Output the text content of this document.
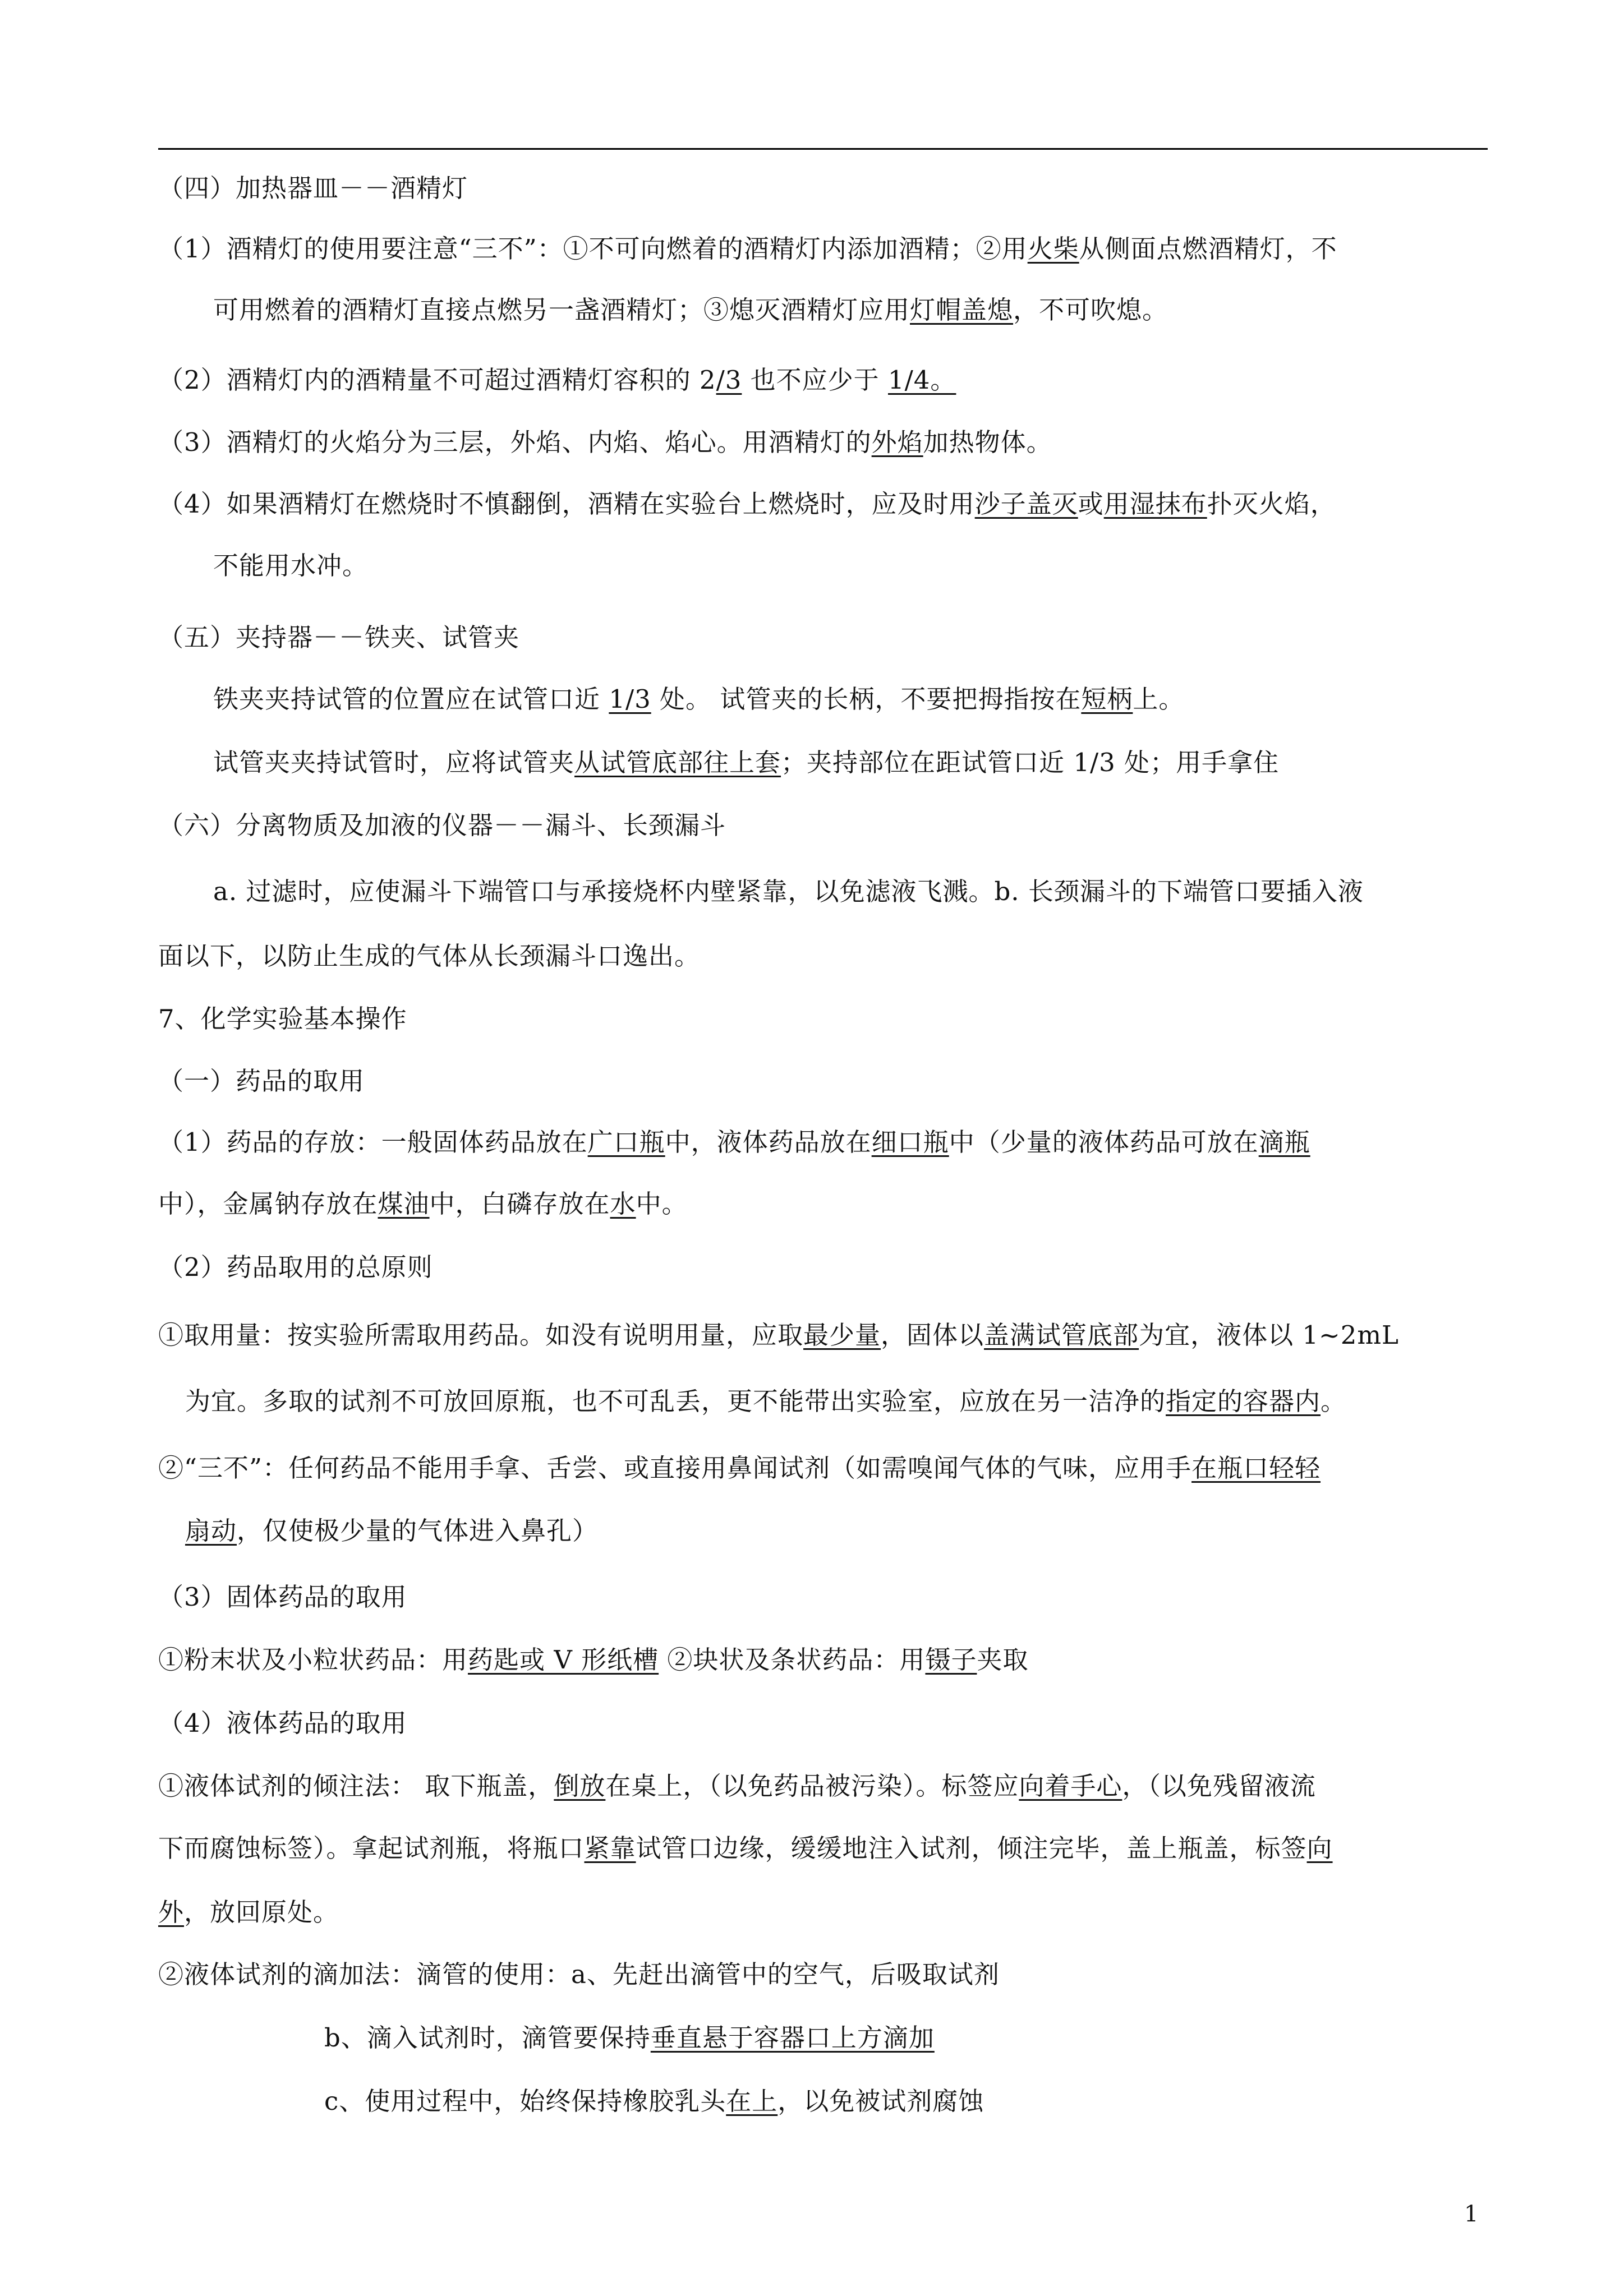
（四）加热器皿－－酒精灯
（1）酒精灯的使用要注意“三不”：①不可向燃着的酒精灯内添加酒精；②用火柴从侧面点燃酒精灯，不
可用燃着的酒精灯直接点燃另一盏酒精灯；③熄灭酒精灯应用灯帽盖熄，不可吹熄。
（2）酒精灯内的酒精量不可超过酒精灯容积的 2/3 也不应少于 1/4。
（3）酒精灯的火焰分为三层，外焰、内焰、焰心。用酒精灯的外焰加热物体。
（4）如果酒精灯在燃烧时不慎翻倒，酒精在实验台上燃烧时，应及时用沙子盖灭或用湿抹布扑灭火焰，
不能用水冲。
（五）夹持器－－铁夹、试管夹
铁夹夹持试管的位置应在试管口近 1/3 处。 试管夹的长柄，不要把拇指按在短柄上。
试管夹夹持试管时，应将试管夹从试管底部往上套；夹持部位在距试管口近 1/3 处；用手拿住
（六）分离物质及加液的仪器－－漏斗、长颈漏斗
a. 过滤时，应使漏斗下端管口与承接烧杯内壁紧靠，以免滤液飞溅。b. 长颈漏斗的下端管口要插入液
面以下，以防止生成的气体从长颈漏斗口逸出。
7、化学实验基本操作
（一）药品的取用
（1）药品的存放：一般固体药品放在广口瓶中，液体药品放在细口瓶中（少量的液体药品可放在滴瓶
中），金属钠存放在煤油中，白磷存放在水中。
（2）药品取用的总原则
①取用量：按实验所需取用药品。如没有说明用量，应取最少量，固体以盖满试管底部为宜，液体以 1~2mL
为宜。多取的试剂不可放回原瓶，也不可乱丢，更不能带出实验室，应放在另一洁净的指定的容器内。
②“三不”：任何药品不能用手拿、舌尝、或直接用鼻闻试剂（如需嗅闻气体的气味，应用手在瓶口轻轻
扇动，仅使极少量的气体进入鼻孔）
（3）固体药品的取用
①粉末状及小粒状药品：用药匙或 V 形纸槽 ②块状及条状药品：用镊子夹取
（4）液体药品的取用
①液体试剂的倾注法： 取下瓶盖，倒放在桌上，（以免药品被污染）。标签应向着手心，（以免残留液流
下而腐蚀标签）。拿起试剂瓶，将瓶口紧靠试管口边缘，缓缓地注入试剂，倾注完毕，盖上瓶盖，标签向
外，放回原处。
②液体试剂的滴加法：滴管的使用：a、先赶出滴管中的空气，后吸取试剂
b、滴入试剂时，滴管要保持垂直悬于容器口上方滴加
c、使用过程中，始终保持橡胶乳头在上，以免被试剂腐蚀
1
